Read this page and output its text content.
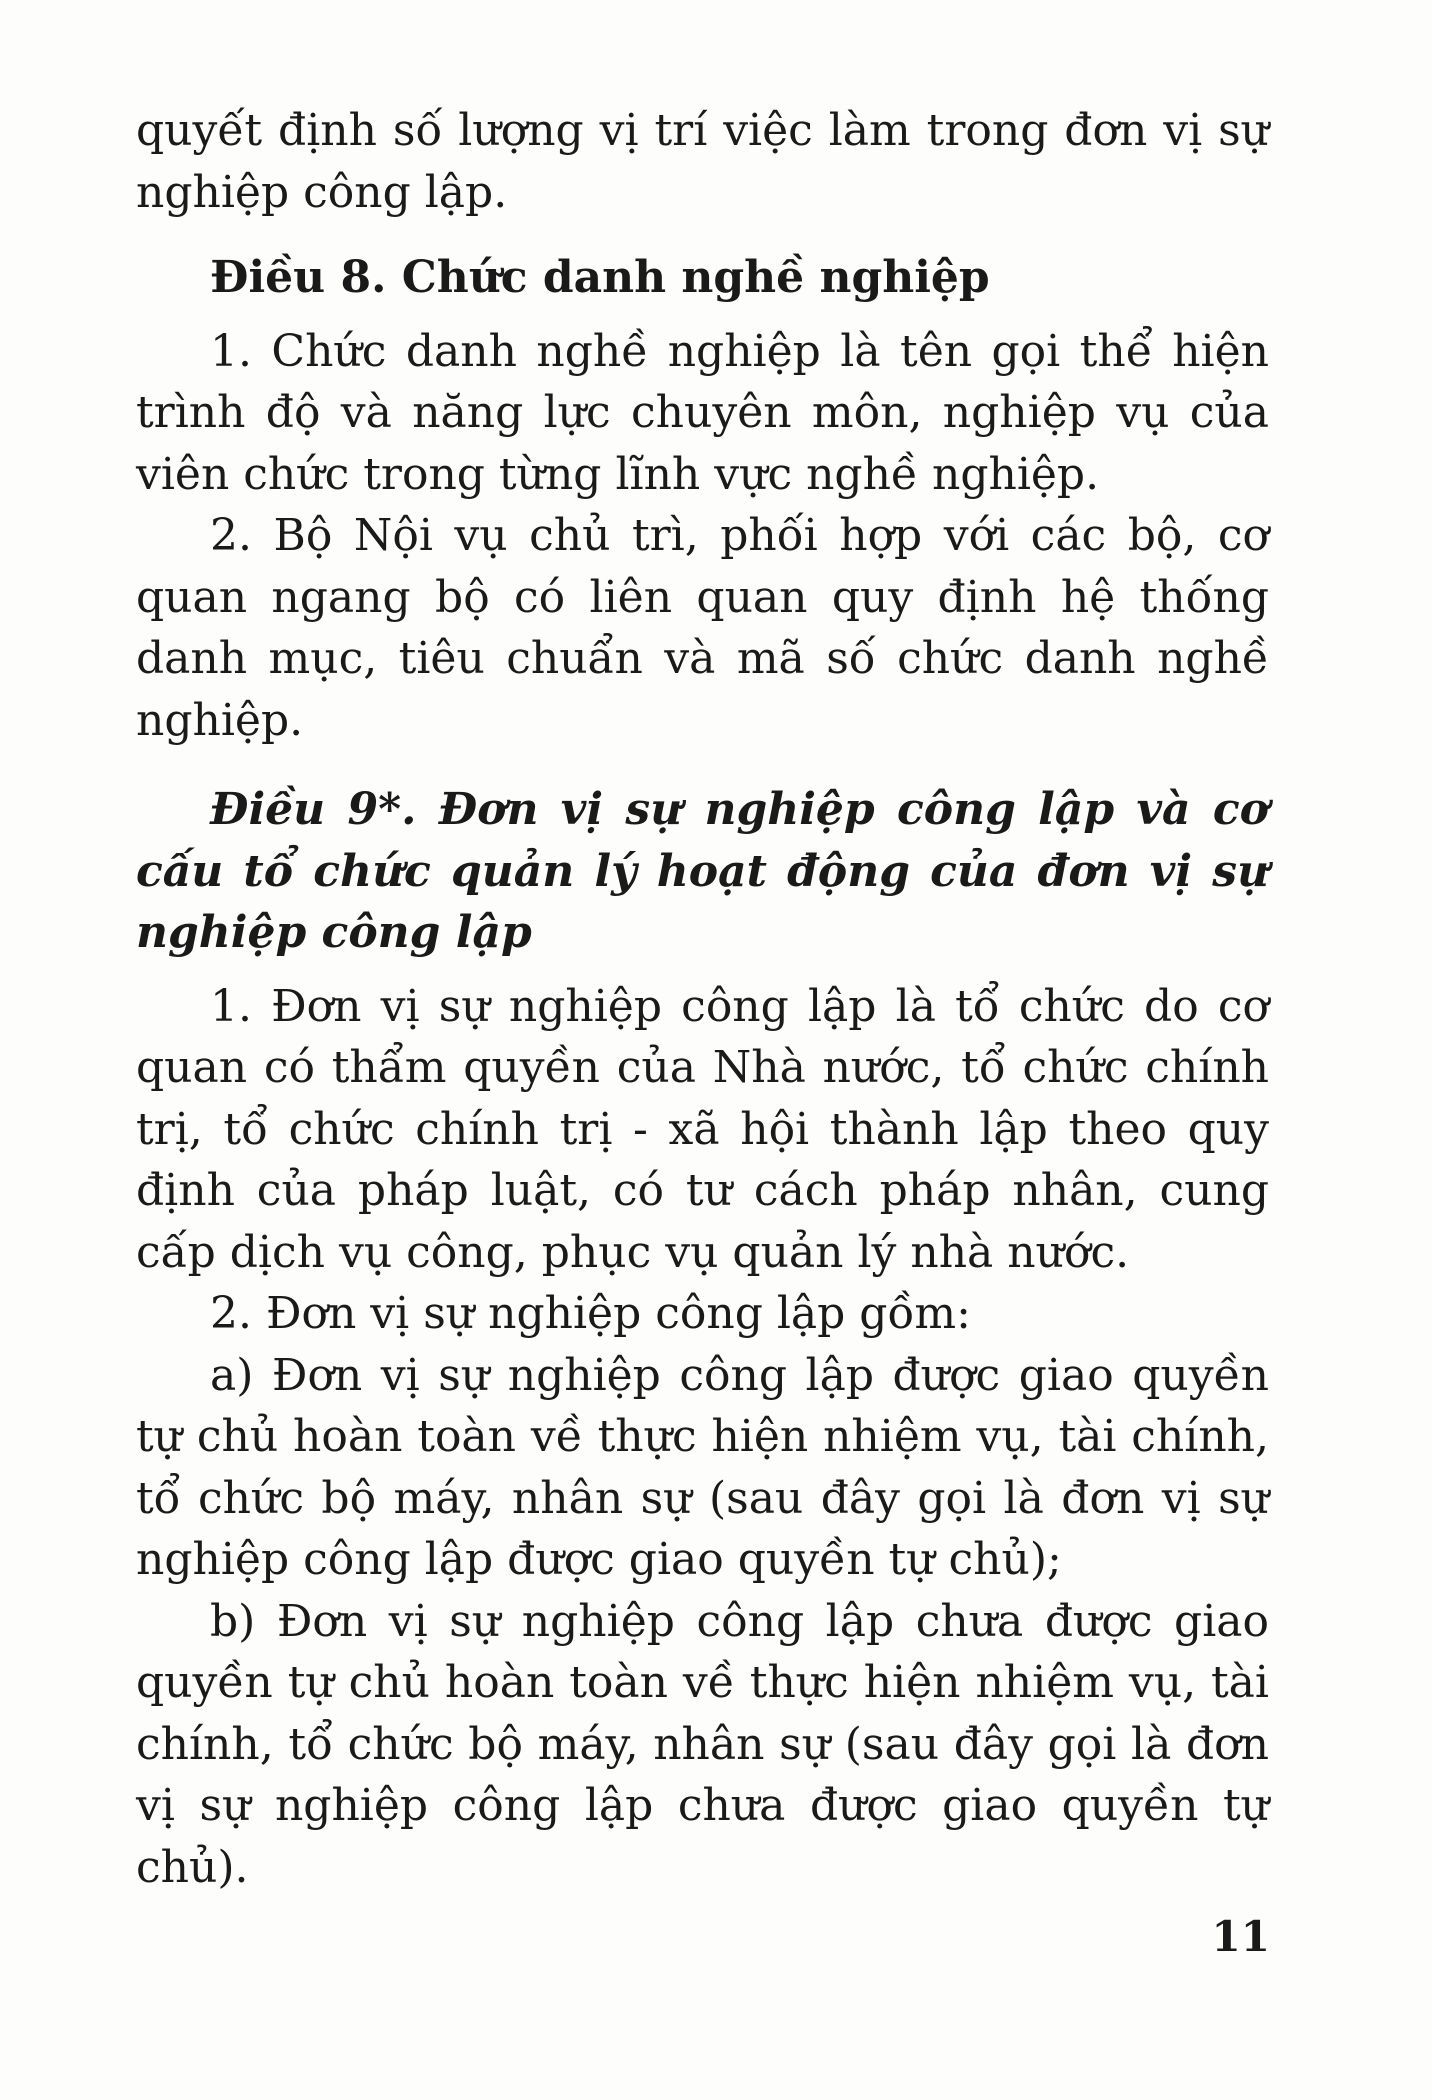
quyết định số lượng vị trí việc làm trong đơn vị sự nghiệp công lập.

Điều 8. Chức danh nghề nghiệp

1. Chức danh nghề nghiệp là tên gọi thể hiện trình độ và năng lực chuyên môn, nghiệp vụ của viên chức trong từng lĩnh vực nghề nghiệp.

2. Bộ Nội vụ chủ trì, phối hợp với các bộ, cơ quan ngang bộ có liên quan quy định hệ thống danh mục, tiêu chuẩn và mã số chức danh nghề nghiệp.

Điều 9*. Đơn vị sự nghiệp công lập và cơ cấu tổ chức quản lý hoạt động của đơn vị sự nghiệp công lập

1. Đơn vị sự nghiệp công lập là tổ chức do cơ quan có thẩm quyền của Nhà nước, tổ chức chính trị, tổ chức chính trị - xã hội thành lập theo quy định của pháp luật, có tư cách pháp nhân, cung cấp dịch vụ công, phục vụ quản lý nhà nước.

2. Đơn vị sự nghiệp công lập gồm:

a) Đơn vị sự nghiệp công lập được giao quyền tự chủ hoàn toàn về thực hiện nhiệm vụ, tài chính, tổ chức bộ máy, nhân sự (sau đây gọi là đơn vị sự nghiệp công lập được giao quyền tự chủ);

b) Đơn vị sự nghiệp công lập chưa được giao quyền tự chủ hoàn toàn về thực hiện nhiệm vụ, tài chính, tổ chức bộ máy, nhân sự (sau đây gọi là đơn vị sự nghiệp công lập chưa được giao quyền tự chủ).

11
